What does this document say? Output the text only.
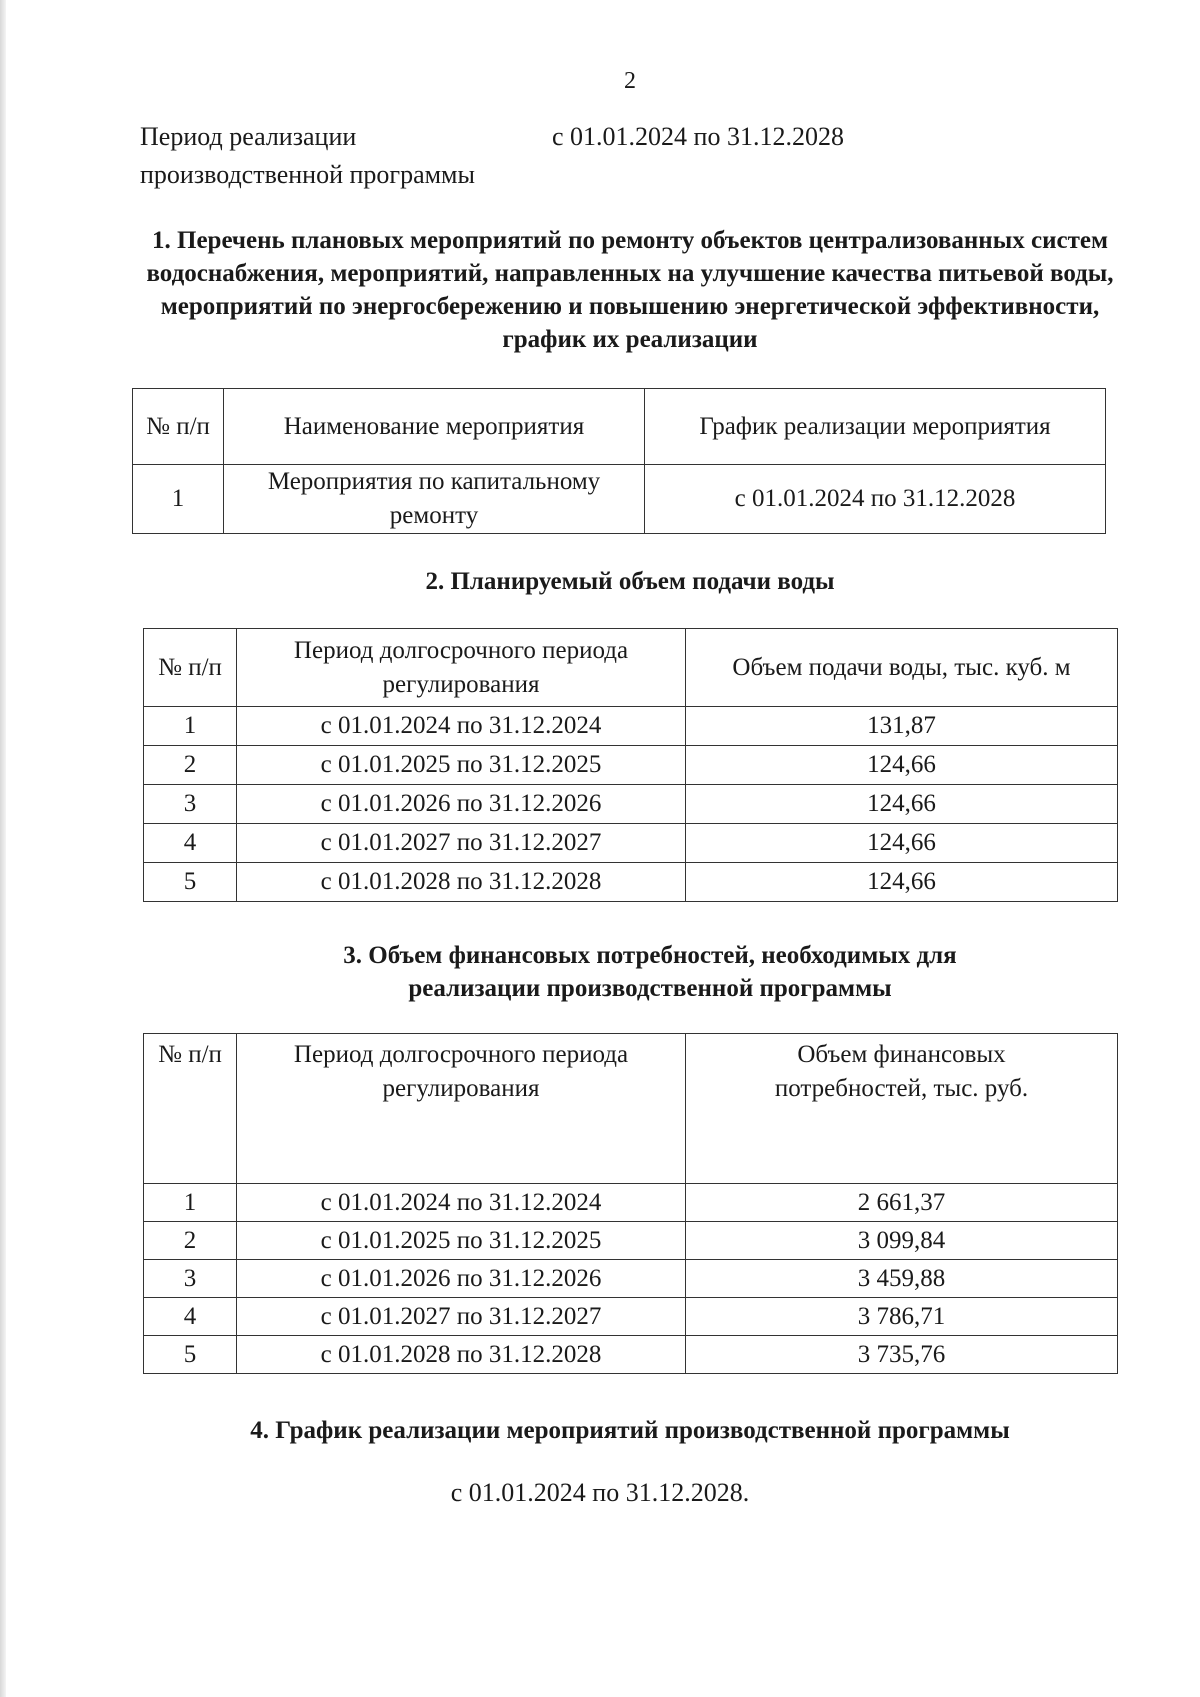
2
Период реализации производственной программы
с 01.01.2024 по 31.12.2028
1. Перечень плановых мероприятий по ремонту объектов централизованных систем водоснабжения, мероприятий, направленных на улучшение качества питьевой воды, мероприятий по энергосбережению и повышению энергетической эффективности, график их реализации
№ п/п	Наименование мероприятия	График реализации мероприятия
1	Мероприятия по капитальному ремонту	с 01.01.2024 по 31.12.2028
2. Планируемый объем подачи воды
№ п/п	Период долгосрочного периода регулирования	Объем подачи воды, тыс. куб. м
1	с 01.01.2024 по 31.12.2024	131,87
2	с 01.01.2025 по 31.12.2025	124,66
3	с 01.01.2026 по 31.12.2026	124,66
4	с 01.01.2027 по 31.12.2027	124,66
5	с 01.01.2028 по 31.12.2028	124,66
3. Объем финансовых потребностей, необходимых для реализации производственной программы
№ п/п	Период долгосрочного периода регулирования	Объем финансовых потребностей, тыс. руб.
1	с 01.01.2024 по 31.12.2024	2 661,37
2	с 01.01.2025 по 31.12.2025	3 099,84
3	с 01.01.2026 по 31.12.2026	3 459,88
4	с 01.01.2027 по 31.12.2027	3 786,71
5	с 01.01.2028 по 31.12.2028	3 735,76
4. График реализации мероприятий производственной программы
с 01.01.2024 по 31.12.2028.
